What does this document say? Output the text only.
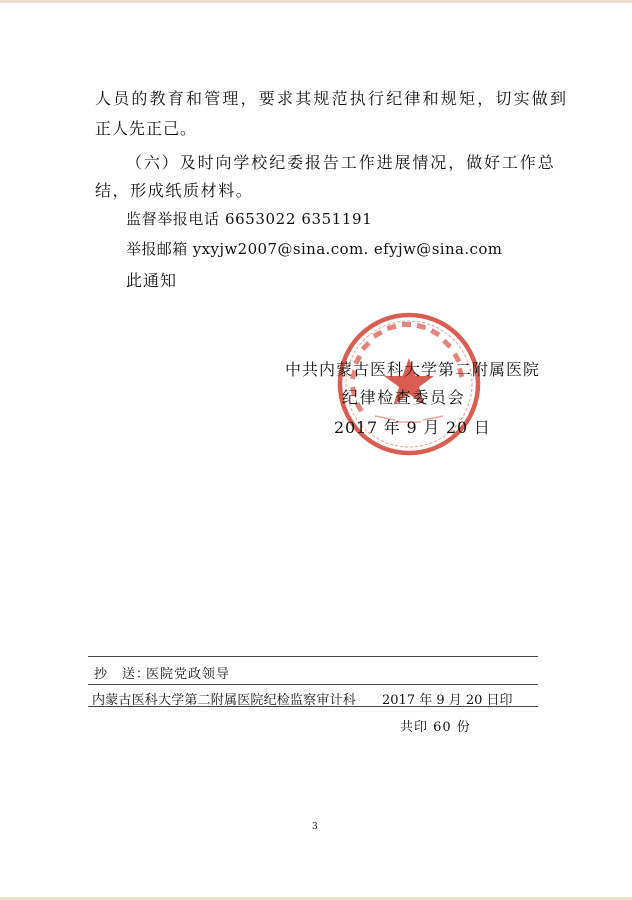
人员的教育和管理，要求其规范执行纪律和规矩，切实做到
正人先正己。
（六）及时向学校纪委报告工作进展情况，做好工作总
结，形成纸质材料。
监督举报电话 6653022 6351191
举报邮箱 yxyjw2007@sina.com. efyjw@sina.com
此通知
中共内蒙古医科大学第二附属医院
纪律检查委员会
2017 年 9 月 20 日
抄　送：
医院党政领导
内蒙古医科大学第二附属医院纪检监察审计科 2017 年 9 月 20 日印
共印 60 份
3
